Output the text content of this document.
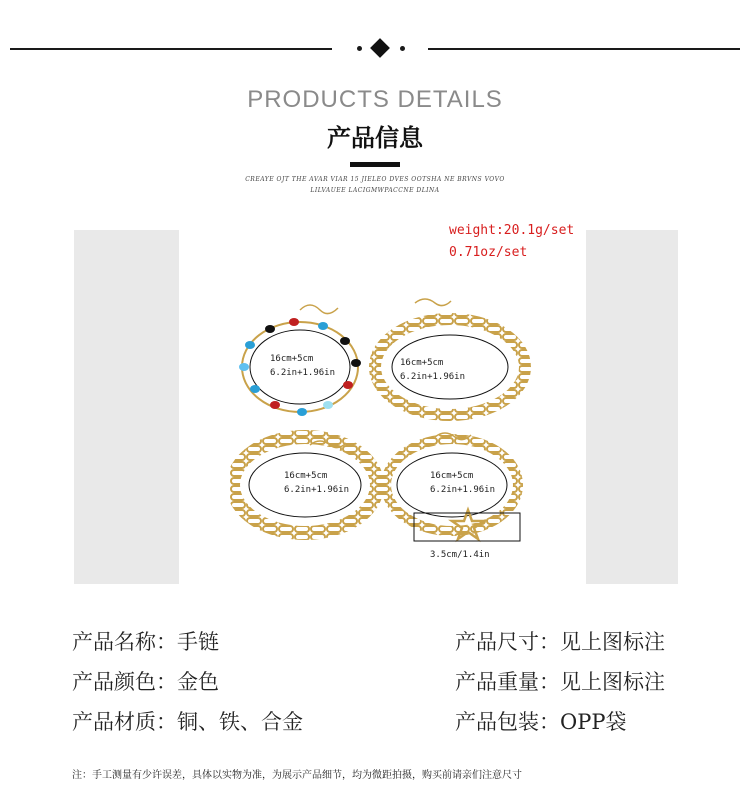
PRODUCTS DETAILS
产品信息
CREAYE OJT THE AVAR VIAR 15 JIELEO DVES OOTSHA NE BRVNS VOVO
LILVAUEE LACIGMWPACCNE DLINA
weight:20.1g/set
0.71oz/set
16cm+5cm
6.2in+1.96in
16cm+5cm
6.2in+1.96in
16cm+5cm
6.2in+1.96in
16cm+5cm
6.2in+1.96in
3.5cm/1.4in
产品名称：手链
产品颜色：金色
产品材质：铜、铁、合金
产品尺寸：见上图标注
产品重量：见上图标注
产品包装：OPP袋
注：手工测量有少许误差，具体以实物为准，为展示产品细节，均为微距拍摄，购买前请亲们注意尺寸
